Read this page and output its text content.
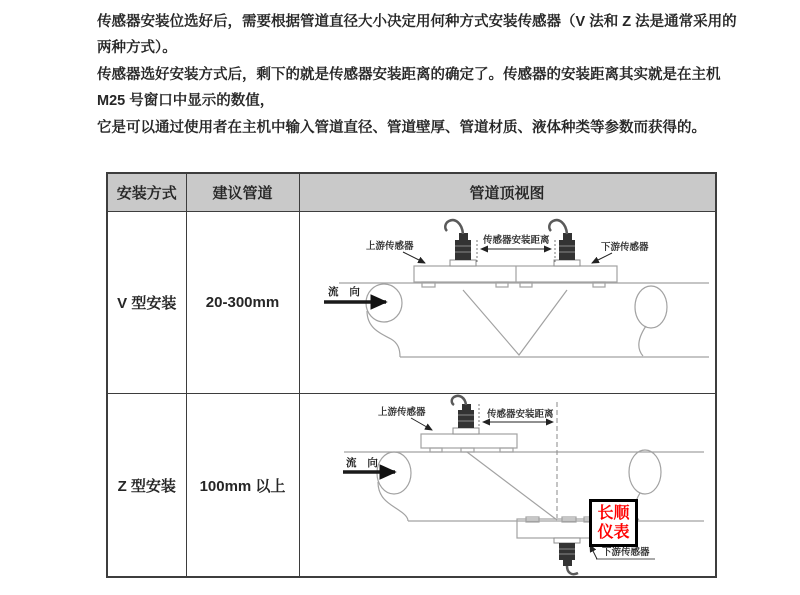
传感器安装位选好后，需要根据管道直径大小决定用何种方式安装传感器（V 法和 Z 法是通常采用的
两种方式）。
传感器选好安装方式后，剩下的就是传感器安装距离的确定了。传感器的安装距离其实就是在主机
M25 号窗口中显示的数值，
它是可以通过使用者在主机中输入管道直径、管道壁厚、管道材质、液体种类等参数而获得的。
安装方式	建议管道	管道顶视图
V 型安装	20-300mm	传感器安装距离
上游传感器 下游传感器
流 向

Z 型安装	100mm 以上	传感器安装距离
上游传感器
下游传感器
流 向
长顺
仪表
